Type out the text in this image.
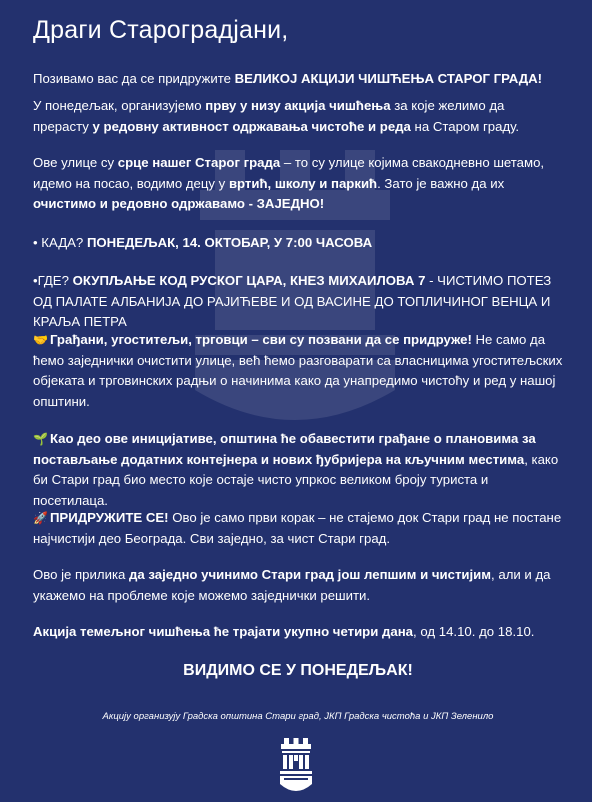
Драги Староградјани,

Позивамо вас да се придружите ВЕЛИКОЈ АКЦИЈИ ЧИШЋЕЊА СТАРОГ ГРАДА!

У понедељак, организујемо прву у низу акција чишћења за које желимо да прерасту у редовну активност одржавања чистоће и реда на Старом граду.

Ове улице су срце нашег Старог града – то су улице којима свакодневно шетамо, идемо на посао, водимо децу у вртић, школу и паркић. Зато је важно да их очистимо и редовно одржавамо - ЗАЈЕДНО!

• КАДА? ПОНЕДЕЉАК, 14. ОКТОБАР, У 7:00 ЧАСОВА

•ГДЕ? ОКУПЉАЊЕ КОД РУСКОГ ЦАРА, КНЕЗ МИХАИЛОВА 7 - ЧИСТИМО ПОТЕЗ ОД ПАЛАТЕ АЛБАНИЈА ДО РАЈИЋЕВЕ И ОД ВАСИНЕ ДО ТОПЛИЧИНОГ ВЕНЦА И КРАЉА ПЕТРА

🤝 Грађани, угоститељи, трговци – сви су позвани да се придруже! Не само да ћемо заједнички очистити улице, већ ћемо разговарати са власницима угоститељских објеката и трговинских радњи о начинима како да унапредимо чистоћу и ред у нашој општини.

🌱 Као део ове иницијативе, општина ће обавестити грађане о плановима за постављање додатних контејнера и нових ђубријера на кључним местима, како би Стари град био место које остаје чисто упркос великом броју туриста и посетилаца.

🚀 ПРИДРУЖИТЕ СЕ! Ово је само први корак – не стајемо док Стари град не постане најчистији део Београда. Сви заједно, за чист Стари град.

Ово је прилика да заједно учинимо Стари град још лепшим и чистијим, али и да укажемо на проблеме које можемо заједнички решити.

Акција темељног чишћења ће трајати укупно четири дана, од 14.10. до 18.10.

ВИДИМО СЕ У ПОНЕДЕЉАК!
Акцију организују Градска општина Стари град, ЈКП Градска чистоћа и ЈКП Зеленило
